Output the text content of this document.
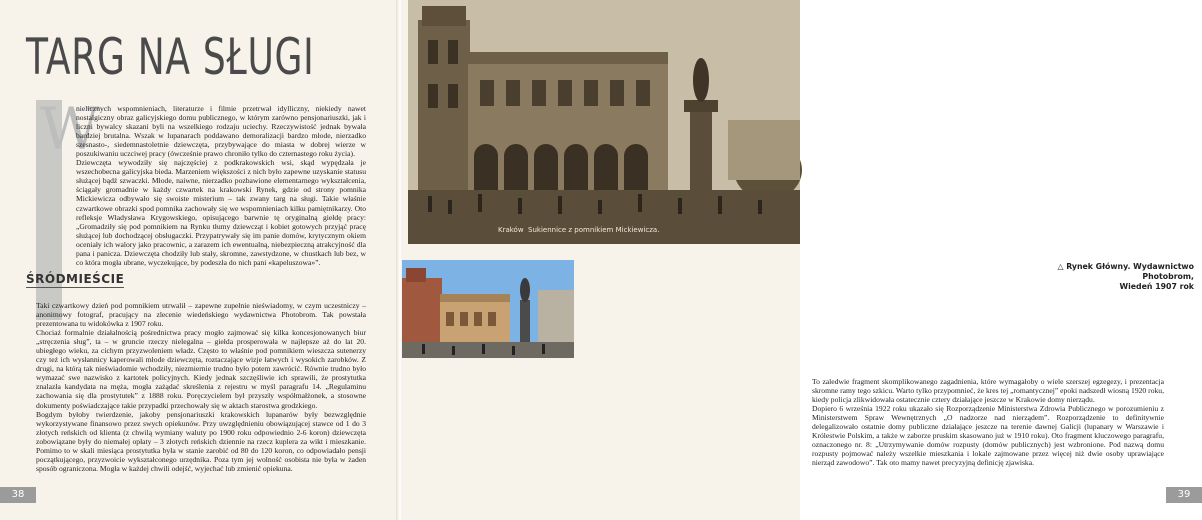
TARG NA SŁUGI
W

nielicznych wspomnieniach, literaturze i filmie przetrwał idylliczny, niekiedy nawet nostalgiczny obraz galicyjskiego domu publicznego, w którym zarówno pensjonariuszki, jak i liczni bywalcy skazani byli na wszelkiego rodzaju uciechy. Rzeczywistość jednak bywała bardziej brutalna. Wszak w lupanarach poddawano demoralizacji bardzo młode, nierzadko szesnasto-, siedemnastoletnie dziewczęta, przybywające do miasta w dobrej wierze w poszukiwaniu uczciwej pracy (ówcześnie prawo chroniło tylko do czternastego roku życia).

Dziewczęta wywodziły się najczęściej z podkrakowskich wsi, skąd wypędzała je wszechobecna galicyjska bieda. Marzeniem większości z nich było zapewne uzyskanie statusu służącej bądź szwaczki. Młode, naiwne, nierzadko pozbawione elementarnego wykształcenia, ściągały gromadnie w każdy czwartek na krakowski Rynek, gdzie od strony pomnika Mickiewicza odbywało się swoiste misterium – tak zwany targ na sługi. Takie właśnie czwartkowe obrazki spod pomnika zachowały się we wspomnieniach kilku pamiętnikarzy. Oto refleksje Władysława Krygowskiego, opisującego barwnie tę oryginalną giełdę pracy: „Gromadziły się pod pomnikiem na Rynku tłumy dziewcząt i kobiet gotowych przyjąć pracę służącej lub dochodzącej obsługaczki. Przypatrywały się im panie domów, krytycznym okiem oceniały ich walory jako pracownic, a zarazem ich ewentualną, niebezpieczną atrakcyjność dla pana i panicza. Dziewczęta chodziły lub stały, skromne, zawstydzone, w chustkach lub bez, w co która mogła ubrane, wyczekujące, by podeszła do nich pani «kapeluszowa»”.

ŚRÓDMIEŚCIE

Taki czwartkowy dzień pod pomnikiem utrwalił – zapewne zupełnie nieświadomy, w czym uczestniczy – anonimowy fotograf, pracujący na zlecenie wiedeńskiego wydawnictwa Photobrom. Tak powstała prezentowana tu widokówka z 1907 roku.

Chociaż formalnie działalnością pośrednictwa pracy mogło zajmować się kilka koncesjonowanych biur „stręczenia sług”, ta – w gruncie rzeczy nielegalna – giełda prosperowała w najlepsze aż do lat 20. ubiegłego wieku, za cichym przyzwoleniem władz. Często to właśnie pod pomnikiem wieszcza sutenerzy czy też ich wysłannicy kaperowali młode dziewczęta, roztaczające wizje łatwych i wysokich zarobków. Z drugi, na którą tak nieświadomie wchodziły, niezmiernie trudno było potem zawrócić. Równie trudno było wymazać swe nazwisko z kartotek policyjnych. Kiedy jednak szczęśliwie ich sprawili, że prostytutka znalazła kandydata na męża, mogła zażądać skreślenia z rejestru w myśl paragrafu 14. „Regulaminu zachowania się dla prostytutek” z 1888 roku. Poręczycielem był przyszły współmałżonek, a stosowne dokumenty poświadczające takie przypadki przechowały się w aktach starostwa grodzkiego.

Bogdym byłoby twierdzenie, jakoby pensjonariuszki krakowskich lupanarów były bezwzględnie wykorzystywane finansowo przez swych opiekunów. Przy uwzględnieniu obowiązującej stawce od 1 do 3 złotych reńskich od klienta (z chwilą wymiany waluty po 1900 roku odpowiednio 2-6 koron) dziewczęta zobowiązane były do niemałej opłaty – 3 złotych reńskich dziennie na rzecz kuplera za wikt i mieszkanie. Pomimo to w skali miesiąca prostytutka była w stanie zarobić od 80 do 120 koron, co odpowiadało pensji początkującego, przyzwoicie wykształconego urzędnika. Poza tym jej wolność osobista nie była w żaden sposób ograniczona. Mogła w każdej chwili odejść, wyjechać lub zmienić opiekuna.

38
△ Rynek Główny. Wydawnictwo Photobrom,
Wiedeń 1907 rok

To zaledwie fragment skomplikowanego zagadnienia, które wymagałoby o wiele szerszej egzegezy, i prezentacja skromne ramy tego szkicu. Warto tylko przypomnieć, że kres tej „romantycznej” epoki nadszedł wiosną 1920 roku, kiedy policja zlikwidowała ostatecznie cztery działające jeszcze w Krakowie domy nierządu.

Dopiero 6 września 1922 roku ukazało się Rozporządzenie Ministerstwa Zdrowia Publicznego w porozumieniu z Ministerstwem Spraw Wewnętrznych „O nadzorze nad nierządem”. Rozporządzenie to definitywnie delegalizowało ostatnie domy publiczne działające jeszcze na terenie dawnej Galicji (lupanary w Warszawie i Królestwie Polskim, a także w zaborze pruskim skasowano już w 1910 roku). Oto fragment kluczowego paragrafu, oznaczonego nr. 8: „Utrzymywanie domów rozpusty (domów publicznych) jest wzbronione. Pod nazwą domu rozpusty pojmować należy wszelkie mieszkania i lokale zajmowane przez więcej niż dwie osoby uprawiające nierząd zawodowo”. Tak oto mamy nawet precyzyjną definicję zjawiska.

39
Kraków  Sukiennice z pomnikiem Mickiewicza.
